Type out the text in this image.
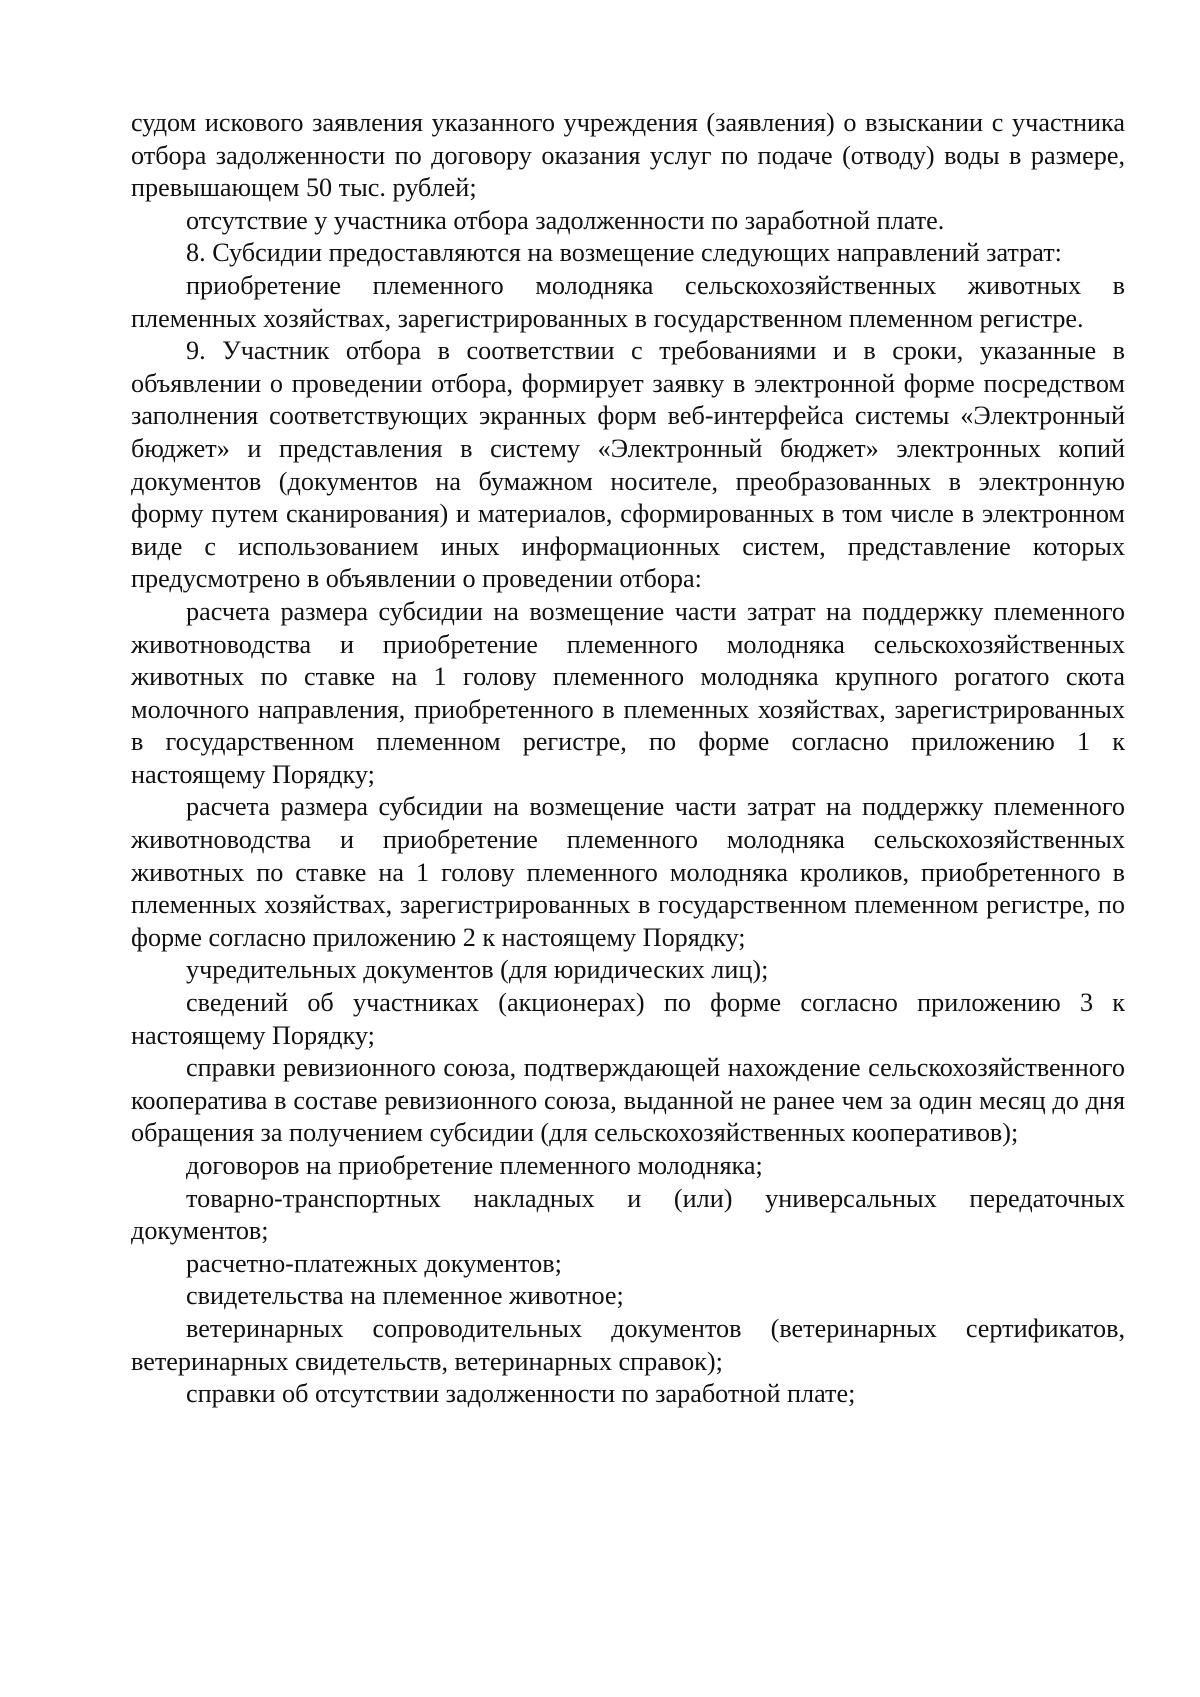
судом искового заявления указанного учреждения (заявления) о взыскании с участника отбора задолженности по договору оказания услуг по подаче (отводу) воды в размере, превышающем 50 тыс. рублей;

отсутствие у участника отбора задолженности по заработной плате.

8. Субсидии предоставляются на возмещение следующих направлений затрат:

приобретение племенного молодняка сельскохозяйственных животных в племенных хозяйствах, зарегистрированных в государственном племенном регистре.

9. Участник отбора в соответствии с требованиями и в сроки, указанные в объявлении о проведении отбора, формирует заявку в электронной форме посредством заполнения соответствующих экранных форм веб-интерфейса системы «Электронный бюджет» и представления в систему «Электронный бюджет» электронных копий документов (документов на бумажном носителе, преобразованных в электронную форму путем сканирования) и материалов, сформированных в том числе в электронном виде с использованием иных информационных систем, представление которых предусмотрено в объявлении о проведении отбора:

расчета размера субсидии на возмещение части затрат на поддержку племенного животноводства и приобретение племенного молодняка сельскохозяйственных животных по ставке на 1 голову племенного молодняка крупного рогатого скота молочного направления, приобретенного в племенных хозяйствах, зарегистрированных в государственном племенном регистре, по форме согласно приложению 1 к настоящему Порядку;

расчета размера субсидии на возмещение части затрат на поддержку племенного животноводства и приобретение племенного молодняка сельскохозяйственных животных по ставке на 1 голову племенного молодняка кроликов, приобретенного в племенных хозяйствах, зарегистрированных в государственном племенном регистре, по форме согласно приложению 2 к настоящему Порядку;

учредительных документов (для юридических лиц);

сведений об участниках (акционерах) по форме согласно приложению 3 к настоящему Порядку;

справки ревизионного союза, подтверждающей нахождение сельскохозяйственного кооператива в составе ревизионного союза, выданной не ранее чем за один месяц до дня обращения за получением субсидии (для сельскохозяйственных кооперативов);

договоров на приобретение племенного молодняка;

товарно-транспортных накладных и (или) универсальных передаточных документов;

расчетно-платежных документов;

свидетельства на племенное животное;

ветеринарных сопроводительных документов (ветеринарных сертификатов, ветеринарных свидетельств, ветеринарных справок);

справки об отсутствии задолженности по заработной плате;
